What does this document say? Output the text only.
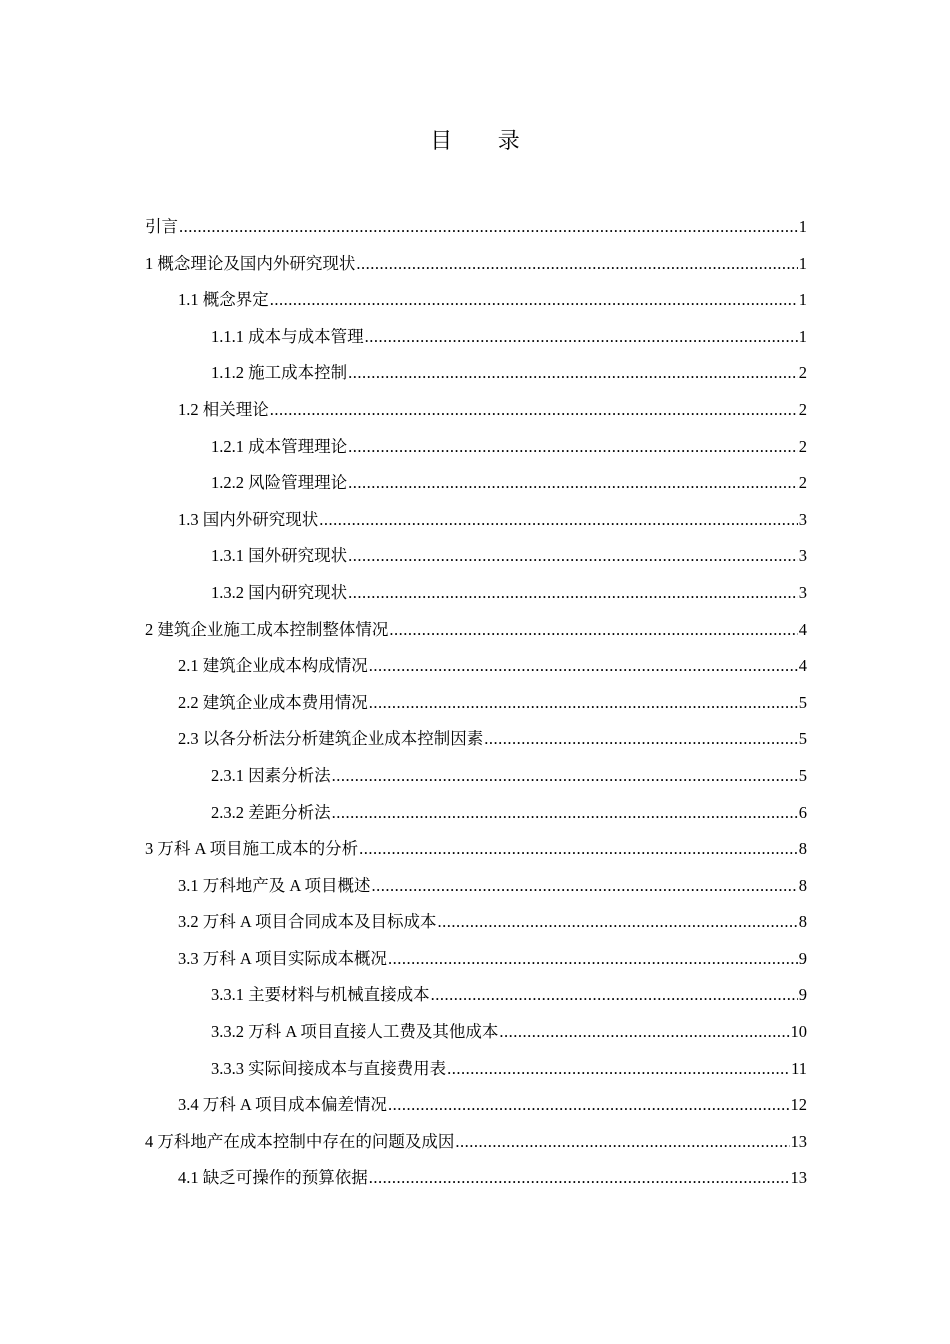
目 录
引言 .....	1
1 概念理论及国内外研究现状 .....	1
1.1 概念界定 .....	1
1.1.1 成本与成本管理 .....	1
1.1.2 施工成本控制 .....	2
1.2 相关理论 .....	2
1.2.1 成本管理理论 .....	2
1.2.2 风险管理理论 .....	2
1.3 国内外研究现状 .....	3
1.3.1 国外研究现状 .....	3
1.3.2 国内研究现状 .....	3
2 建筑企业施工成本控制整体情况 .....	4
2.1 建筑企业成本构成情况 .....	4
2.2 建筑企业成本费用情况 .....	5
2.3 以各分析法分析建筑企业成本控制因素 .....	5
2.3.1 因素分析法 .....	5
2.3.2 差距分析法 .....	6
3 万科 A 项目施工成本的分析 .....	8
3.1 万科地产及 A 项目概述 .....	8
3.2 万科 A 项目合同成本及目标成本 .....	8
3.3 万科 A 项目实际成本概况 .....	9
3.3.1 主要材料与机械直接成本 .....	9
3.3.2 万科 A 项目直接人工费及其他成本 .....	10
3.3.3 实际间接成本与直接费用表 .....	11
3.4 万科 A 项目成本偏差情况 .....	12
4 万科地产在成本控制中存在的问题及成因 .....	13
4.1 缺乏可操作的预算依据 .....	13
